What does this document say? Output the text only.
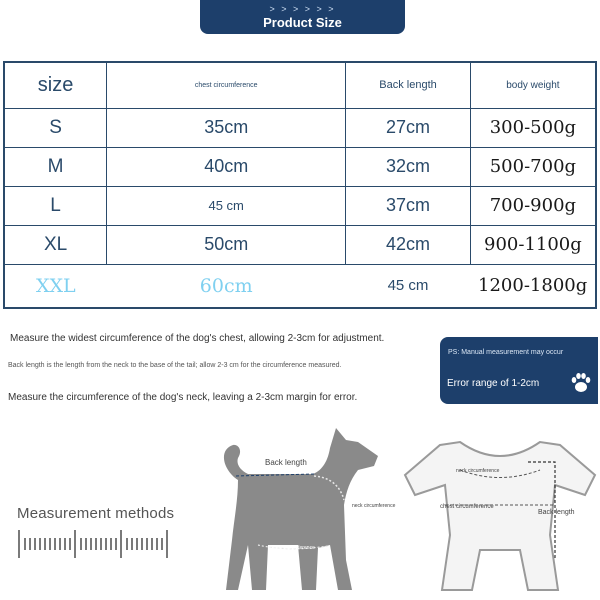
> > > > > >
Product Size
size	chest circumference	Back length	body weight
S	35cm	27cm	300-500g
M	40cm	32cm	500-700g
L	45 cm	37cm	700-900g
XL	50cm	42cm	900-1100g
XXL	60cm	45 cm	1200-1800g
Measure the widest circumference of the dog's chest, allowing 2-3cm for adjustment.
Back length is the length from the neck to the base of the tail; allow 2-3 cm for the circumference measured.
Measure the circumference of the dog's neck, leaving a 2-3cm margin for error.
PS: Manual measurement may occur
Error range of 1-2cm
Measurement methods
Back length
neck circumference
chest circumference
neck circumference
chest circumference
Back length
